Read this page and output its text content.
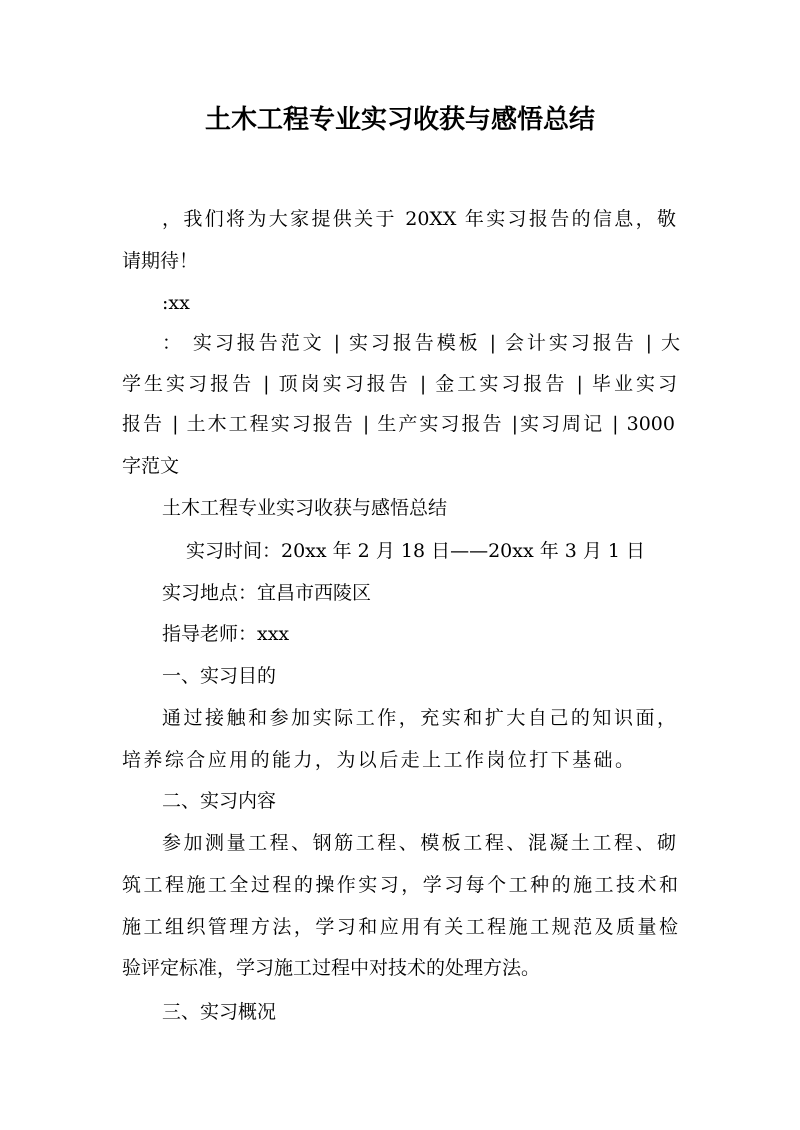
土木工程专业实习收获与感悟总结

，我们将为大家提供关于 20XX 年实习报告的信息，敬

请期待！

:xx

： 实习报告范文 | 实习报告模板 | 会计实习报告 | 大

学生实习报告 | 顶岗实习报告 | 金工实习报告 | 毕业实习

报告 | 土木工程实习报告 | 生产实习报告 |实习周记 | 3000

字范文

土木工程专业实习收获与感悟总结

实习时间：20xx 年 2 月 18 日——20xx 年 3 月 1 日

实习地点：宜昌市西陵区

指导老师：xxx

一、实习目的

通过接触和参加实际工作，充实和扩大自己的知识面，

培养综合应用的能力，为以后走上工作岗位打下基础。

二、实习内容

参加测量工程、钢筋工程、模板工程、混凝土工程、砌

筑工程施工全过程的操作实习，学习每个工种的施工技术和

施工组织管理方法，学习和应用有关工程施工规范及质量检

验评定标准，学习施工过程中对技术的处理方法。

三、实习概况
